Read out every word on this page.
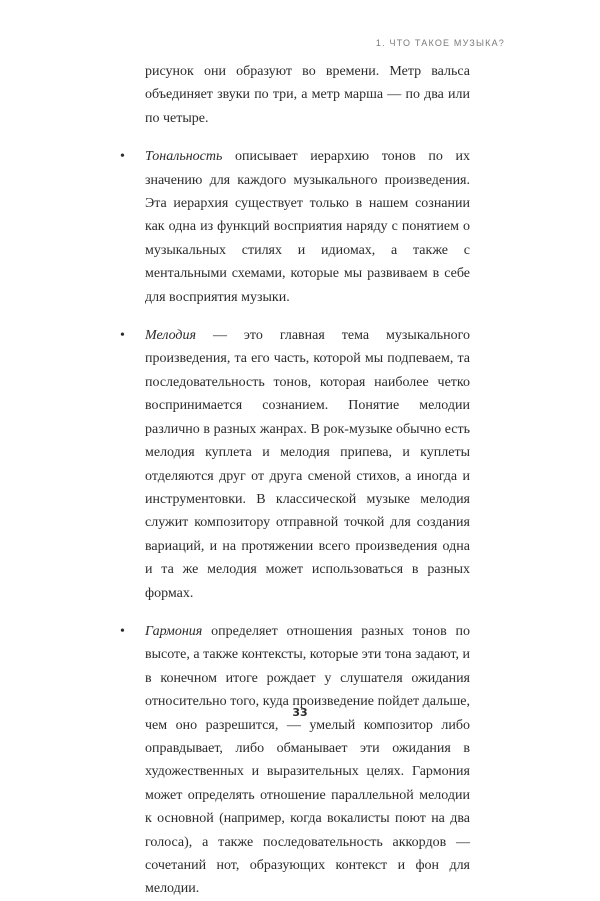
1. ЧТО ТАКОЕ МУЗЫКА?

рисунок они образуют во времени. Метр вальса объединяет звуки по три, а метр марша — по два или по четыре.

• Тональность описывает иерархию тонов по их значению для каждого музыкального произведения. Эта иерархия существует только в нашем сознании как одна из функций восприятия наряду с понятием о музыкальных стилях и идиомах, а также с ментальными схемами, которые мы развиваем в себе для восприятия музыки.
• Мелодия — это главная тема музыкального произведения, та его часть, которой мы подпеваем, та последовательность тонов, которая наиболее четко воспринимается сознанием. Понятие мелодии различно в разных жанрах. В рок-музыке обычно есть мелодия куплета и мелодия припева, и куплеты отделяются друг от друга сменой стихов, а иногда и инструментовки. В классической музыке мелодия служит композитору отправной точкой для создания вариаций, и на протяжении всего произведения одна и та же мелодия может использоваться в разных формах.
• Гармония определяет отношения разных тонов по высоте, а также контексты, которые эти тона задают, и в конечном итоге рождает у слушателя ожидания относительно того, куда произведение пойдет дальше, чем оно разрешится, — умелый композитор либо оправдывает, либо обманывает эти ожидания в художественных и выразительных целях. Гармония может определять отношение параллельной мелодии к основной (например, когда вокалисты поют на два голоса), а также последовательность аккордов — сочетаний нот, образующих контекст и фон для мелодии.
33
